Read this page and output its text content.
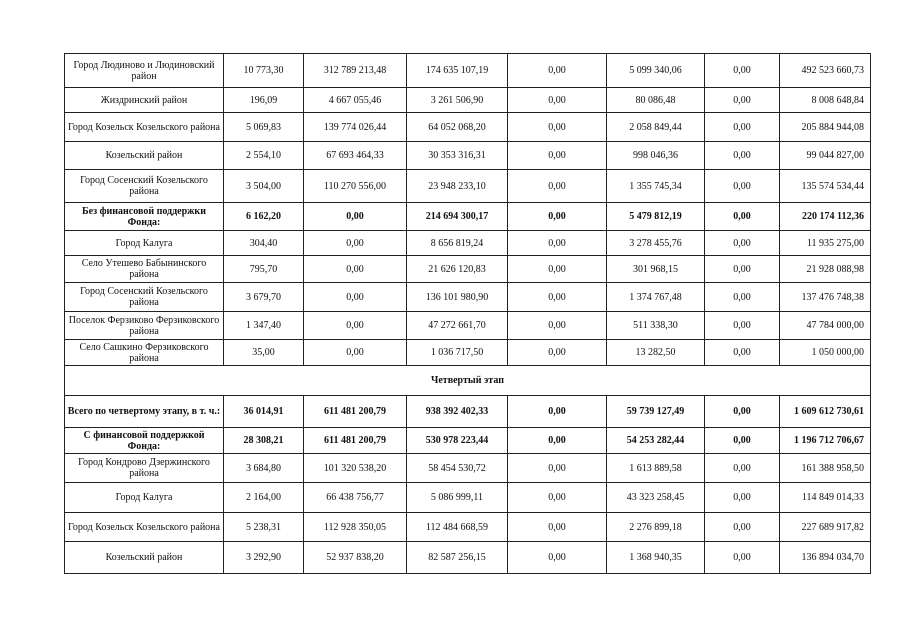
Город Людиново и Людиновский район	10 773,30	312 789 213,48	174 635 107,19	0,00	5 099 340,06	0,00	492 523 660,73
Жиздринский район	196,09	4 667 055,46	3 261 506,90	0,00	80 086,48	0,00	8 008 648,84
Город Козельск Козельского района	5 069,83	139 774 026,44	64 052 068,20	0,00	2 058 849,44	0,00	205 884 944,08
Козельский район	2 554,10	67 693 464,33	30 353 316,31	0,00	998 046,36	0,00	99 044 827,00
Город Сосенский Козельского района	3 504,00	110 270 556,00	23 948 233,10	0,00	1 355 745,34	0,00	135 574 534,44
Без финансовой поддержки Фонда:	6 162,20	0,00	214 694 300,17	0,00	5 479 812,19	0,00	220 174 112,36
Город Калуга	304,40	0,00	8 656 819,24	0,00	3 278 455,76	0,00	11 935 275,00
Село Утешево Бабынинского района	795,70	0,00	21 626 120,83	0,00	301 968,15	0,00	21 928 088,98
Город Сосенский Козельского района	3 679,70	0,00	136 101 980,90	0,00	1 374 767,48	0,00	137 476 748,38
Поселок Ферзиково Ферзиковского района	1 347,40	0,00	47 272 661,70	0,00	511 338,30	0,00	47 784 000,00
Село Сашкино Ферзиковского района	35,00	0,00	1 036 717,50	0,00	13 282,50	0,00	1 050 000,00
Четвертый этап							
Всего по четвертому этапу, в т. ч.:	36 014,91	611 481 200,79	938 392 402,33	0,00	59 739 127,49	0,00	1 609 612 730,61
С финансовой поддержкой Фонда:	28 308,21	611 481 200,79	530 978 223,44	0,00	54 253 282,44	0,00	1 196 712 706,67
Город Кондрово Дзержинского района	3 684,80	101 320 538,20	58 454 530,72	0,00	1 613 889,58	0,00	161 388 958,50
Город Калуга	2 164,00	66 438 756,77	5 086 999,11	0,00	43 323 258,45	0,00	114 849 014,33
Город Козельск Козельского района	5 238,31	112 928 350,05	112 484 668,59	0,00	2 276 899,18	0,00	227 689 917,82
Козельский район	3 292,90	52 937 838,20	82 587 256,15	0,00	1 368 940,35	0,00	136 894 034,70
